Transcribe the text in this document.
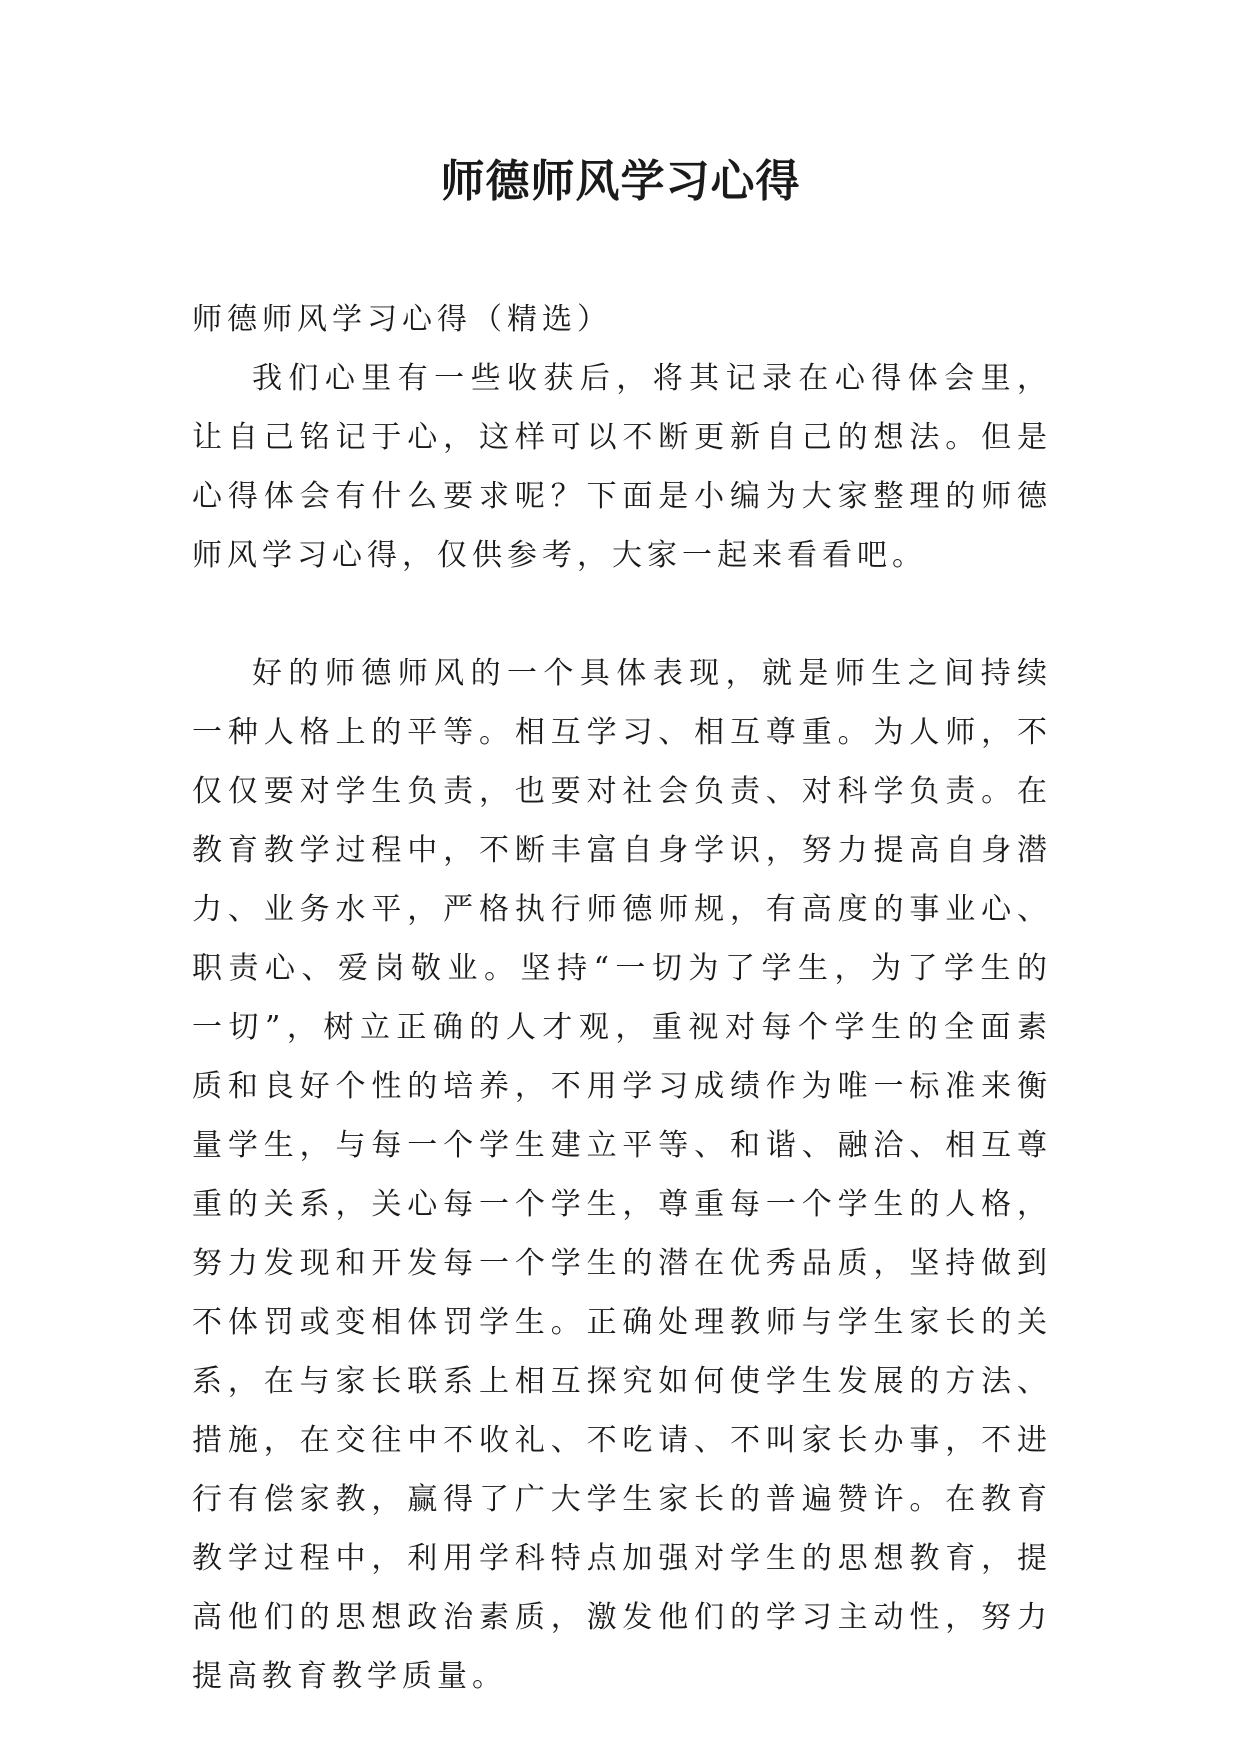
师德师风学习心得

师德师风学习心得（精选）

我们心里有一些收获后，将其记录在心得体会里，让自己铭记于心，这样可以不断更新自己的想法。但是心得体会有什么要求呢？下面是小编为大家整理的师德师风学习心得，仅供参考，大家一起来看看吧。

好的师德师风的一个具体表现，就是师生之间持续一种人格上的平等。相互学习、相互尊重。为人师，不仅仅要对学生负责，也要对社会负责、对科学负责。在教育教学过程中，不断丰富自身学识，努力提高自身潜力、业务水平，严格执行师德师规，有高度的事业心、职责心、爱岗敬业。坚持“一切为了学生，为了学生的一切”，树立正确的人才观，重视对每个学生的全面素质和良好个性的培养，不用学习成绩作为唯一标准来衡量学生，与每一个学生建立平等、和谐、融洽、相互尊重的关系，关心每一个学生，尊重每一个学生的人格，努力发现和开发每一个学生的潜在优秀品质，坚持做到不体罚或变相体罚学生。正确处理教师与学生家长的关系，在与家长联系上相互探究如何使学生发展的方法、措施，在交往中不收礼、不吃请、不叫家长办事，不进行有偿家教，赢得了广大学生家长的普遍赞许。在教育教学过程中，利用学科特点加强对学生的思想教育，提高他们的思想政治素质，激发他们的学习主动性，努力提高教育教学质量。
